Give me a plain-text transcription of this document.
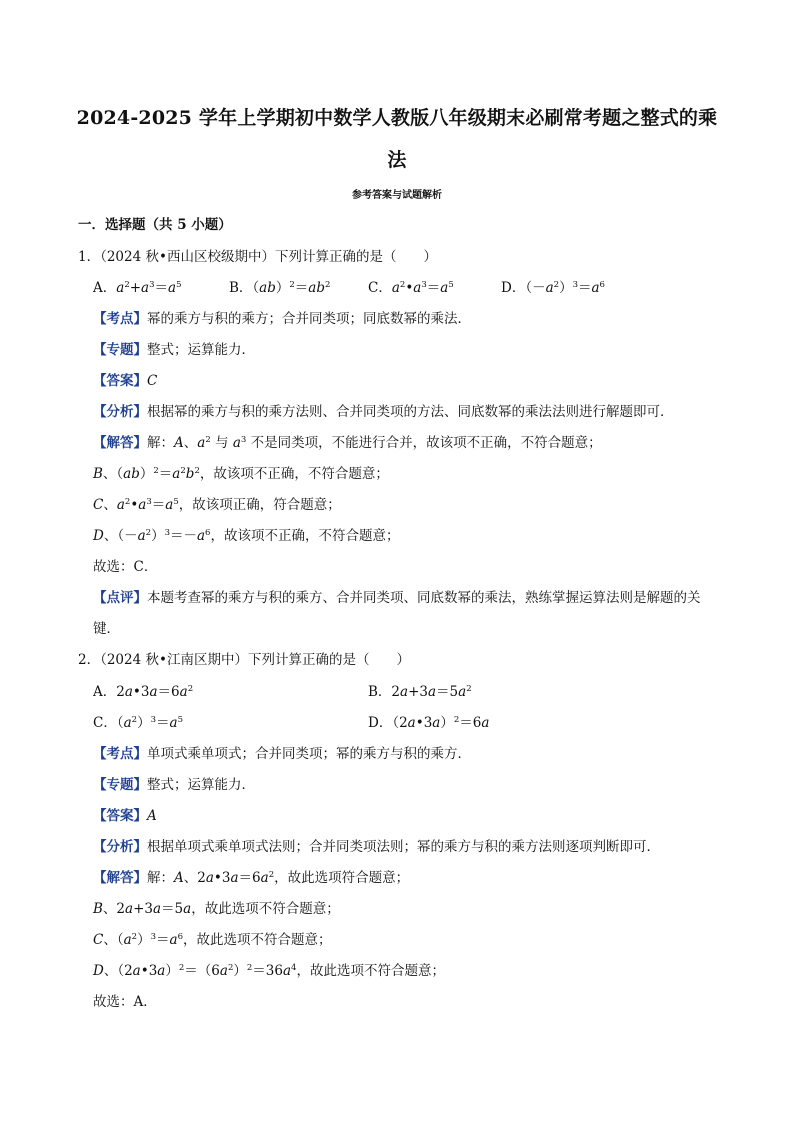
2024-2025 学年上学期初中数学人教版八年级期末必刷常考题之整式的乘
法
参考答案与试题解析
一．选择题（共 5 小题）
1．（2024 秋•西山区校级期中）下列计算正确的是（　　）
A．$a^2+a^3=a^5$	B．$(ab)^2=ab^2$	C．$a^2•a^3=a^5$	D．$(-a^2)^3=a^6$
【考点】幂的乘方与积的乘方；合并同类项；同底数幂的乘法．
【专题】整式；运算能力．
【答案】C
【分析】根据幂的乘方与积的乘方法则、合并同类项的方法、同底数幂的乘法法则进行解题即可．
【解答】解：A、$a^2$ 与 $a^3$ 不是同类项，不能进行合并，故该项不正确，不符合题意；
B、$(ab)^2=a^2b^2$，故该项不正确，不符合题意；
C、$a^2•a^3=a^5$，故该项正确，符合题意；
D、$(-a^2)^3=-a^6$，故该项不正确，不符合题意；
故选：C．
【点评】本题考查幂的乘方与积的乘方、合并同类项、同底数幂的乘法，熟练掌握运算法则是解题的关
键．
2．（2024 秋•江南区期中）下列计算正确的是（　　）
A．$2a•3a=6a^2$	B．$2a+3a=5a^2$
C．$(a^2)^3=a^5$	D．（2a•3a）$^2$＝6a
【考点】单项式乘单项式；合并同类项；幂的乘方与积的乘方．
【专题】整式；运算能力．
【答案】A
【分析】根据单项式乘单项式法则；合并同类项法则；幂的乘方与积的乘方法则逐项判断即可．
【解答】解：A、$2a•3a=6a^2$，故此选项符合题意；
B、2a+3a＝5a，故此选项不符合题意；
C、$(a^2)^3=a^6$，故此选项不符合题意；
D、$(2a•3a)^2=(6a^2)^2=36a^4$，故此选项不符合题意；
故选：A．
